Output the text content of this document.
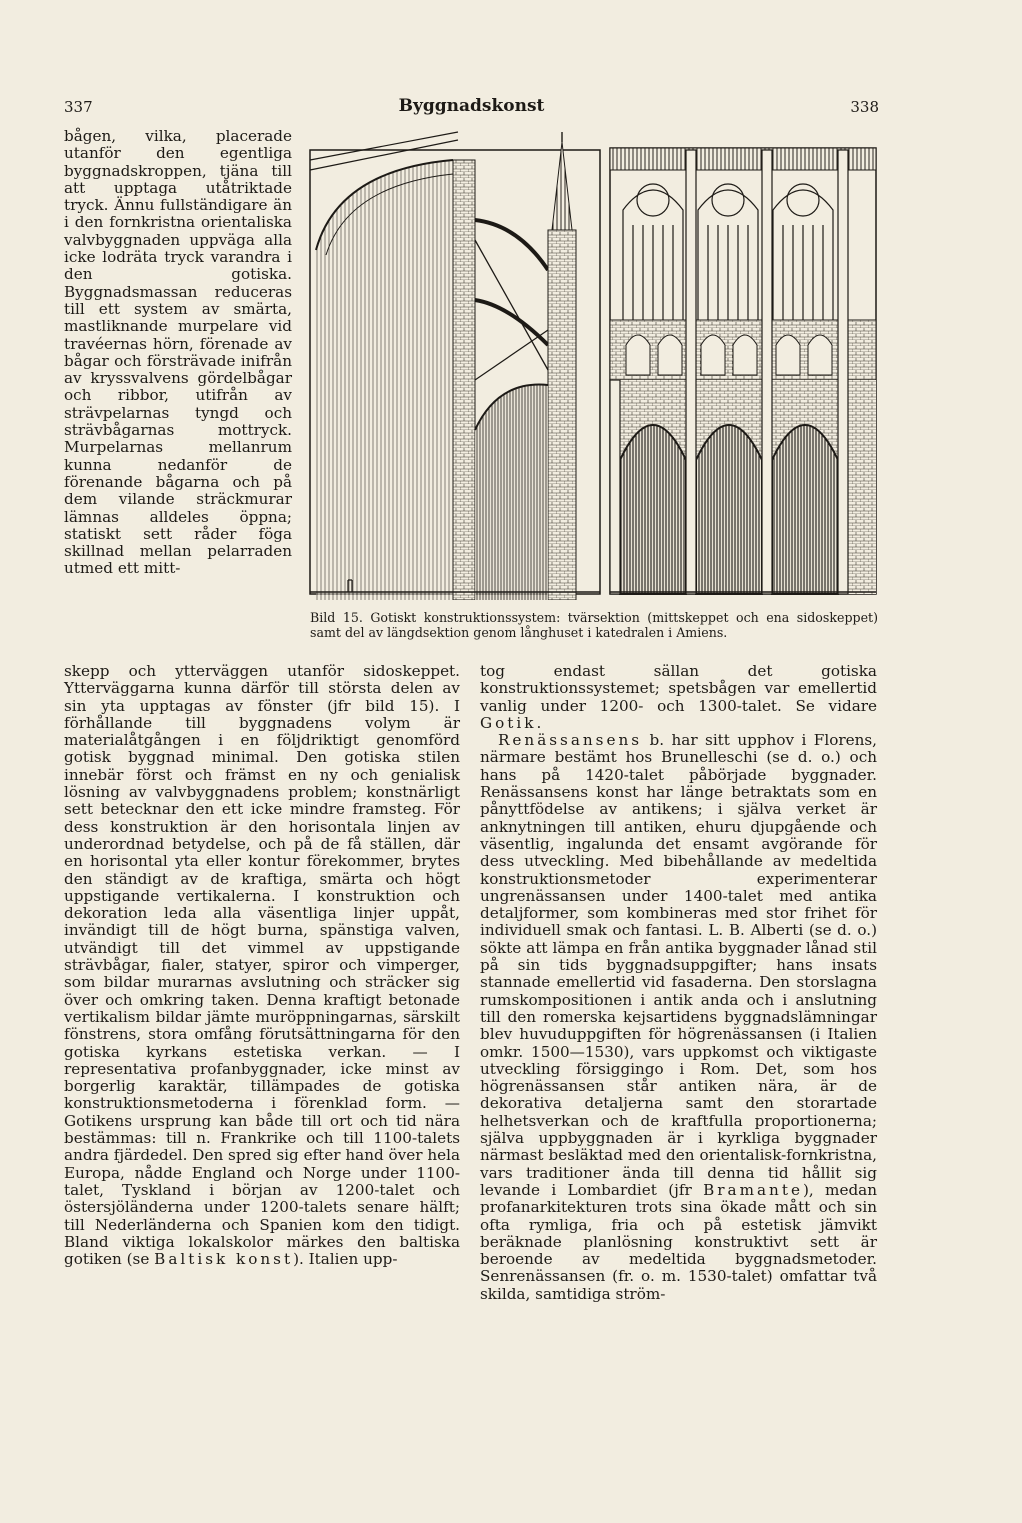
337	Byggnadskonst	338

bågen, vilka, placerade utanför den egentliga byggnadskroppen, tjäna till att upptaga utåtriktade tryck. Ännu fullständigare än i den fornkristna orientaliska valvbyggnaden uppväga alla icke lodräta tryck varandra i den gotiska. Byggnadsmassan reduceras till ett system av smärta, mastliknande murpelare vid travéernas hörn, förenade av bågar och försträvade inifrån av kryssvalvens gördelbågar och ribbor, utifrån av strävpelarnas tyngd och strävbågarnas mottryck. Murpelarnas mellanrum kunna nedanför de förenande bågarna och på dem vilande sträckmurar lämnas alldeles öppna; statiskt sett råder föga skillnad mellan pelarraden utmed ett mitt-

Bild 15. Gotiskt konstruktionssystem: tvärsektion (mittskeppet och ena sidoskeppet) samt del av längdsektion genom långhuset i katedralen i Amiens.

skepp och ytterväggen utanför sidoskeppet. Ytterväggarna kunna därför till största delen av sin yta upptagas av fönster (jfr bild 15). I förhållande till byggnadens volym är materialåtgången i en följdriktigt genomförd gotisk byggnad minimal. Den gotiska stilen innebär först och främst en ny och genialisk lösning av valvbyggnadens problem; konstnärligt sett betecknar den ett icke mindre framsteg. För dess konstruktion är den horisontala linjen av underordnad betydelse, och på de få ställen, där en horisontal yta eller kontur förekommer, brytes den ständigt av de kraftiga, smärta och högt uppstigande vertikalerna. I konstruktion och dekoration leda alla väsentliga linjer uppåt, invändigt till de högt burna, spänstiga valven, utvändigt till det vimmel av uppstigande strävbågar, fialer, statyer, spiror och vimperger, som bildar murarnas avslutning och sträcker sig över och omkring taken. Denna kraftigt betonade vertikalism bildar jämte muröppningarnas, särskilt fönstrens, stora omfång förutsättningarna för den gotiska kyrkans estetiska verkan. — I representativa profanbyggnader, icke minst av borgerlig karaktär, tillämpades de gotiska konstruktionsmetoderna i förenklad form. — Gotikens ursprung kan både till ort och tid nära bestämmas: till n. Frankrike och till 1100-talets andra fjärdedel. Den spred sig efter hand över hela Europa, nådde England och Norge under 1100-talet, Tyskland i början av 1200-talet och östersjöländerna under 1200-talets senare hälft; till Nederländerna och Spanien kom den tidigt. Bland viktiga lokalskolor märkes den baltiska gotiken (se Baltisk konst). Italien upp-

tog endast sällan det gotiska konstruktionssystemet; spetsbågen var emellertid vanlig under 1200- och 1300-talet. Se vidare Gotik.

Renässansens b. har sitt upphov i Florens, närmare bestämt hos Brunelleschi (se d. o.) och hans på 1420-talet påbörjade byggnader. Renässansens konst har länge betraktats som en pånyttfödelse av antikens; i själva verket är anknytningen till antiken, ehuru djupgående och väsentlig, ingalunda det ensamt avgörande för dess utveckling. Med bibehållande av medeltida konstruktionsmetoder experimenterar ungrenässansen under 1400-talet med antika detaljformer, som kombineras med stor frihet för individuell smak och fantasi. L. B. Alberti (se d. o.) sökte att lämpa en från antika byggnader lånad stil på sin tids byggnadsuppgifter; hans insats stannade emellertid vid fasaderna. Den storslagna rumskompositionen i antik anda och i anslutning till den romerska kejsartidens byggnadslämningar blev huvuduppgiften för högrenässansen (i Italien omkr. 1500—1530), vars uppkomst och viktigaste utveckling försiggingo i Rom. Det, som hos högrenässansen står antiken nära, är de dekorativa detaljerna samt den storartade helhetsverkan och de kraftfulla proportionerna; själva uppbyggnaden är i kyrkliga byggnader närmast besläktad med den orientalisk-fornkristna, vars traditioner ända till denna tid hållit sig levande i Lombardiet (jfr Bramante), medan profanarkitekturen trots sina ökade mått och sin ofta rymliga, fria och på estetisk jämvikt beräknade planlösning konstruktivt sett är beroende av medeltida byggnadsmetoder. Senrenässansen (fr. o. m. 1530-talet) omfattar två skilda, samtidiga ström-
